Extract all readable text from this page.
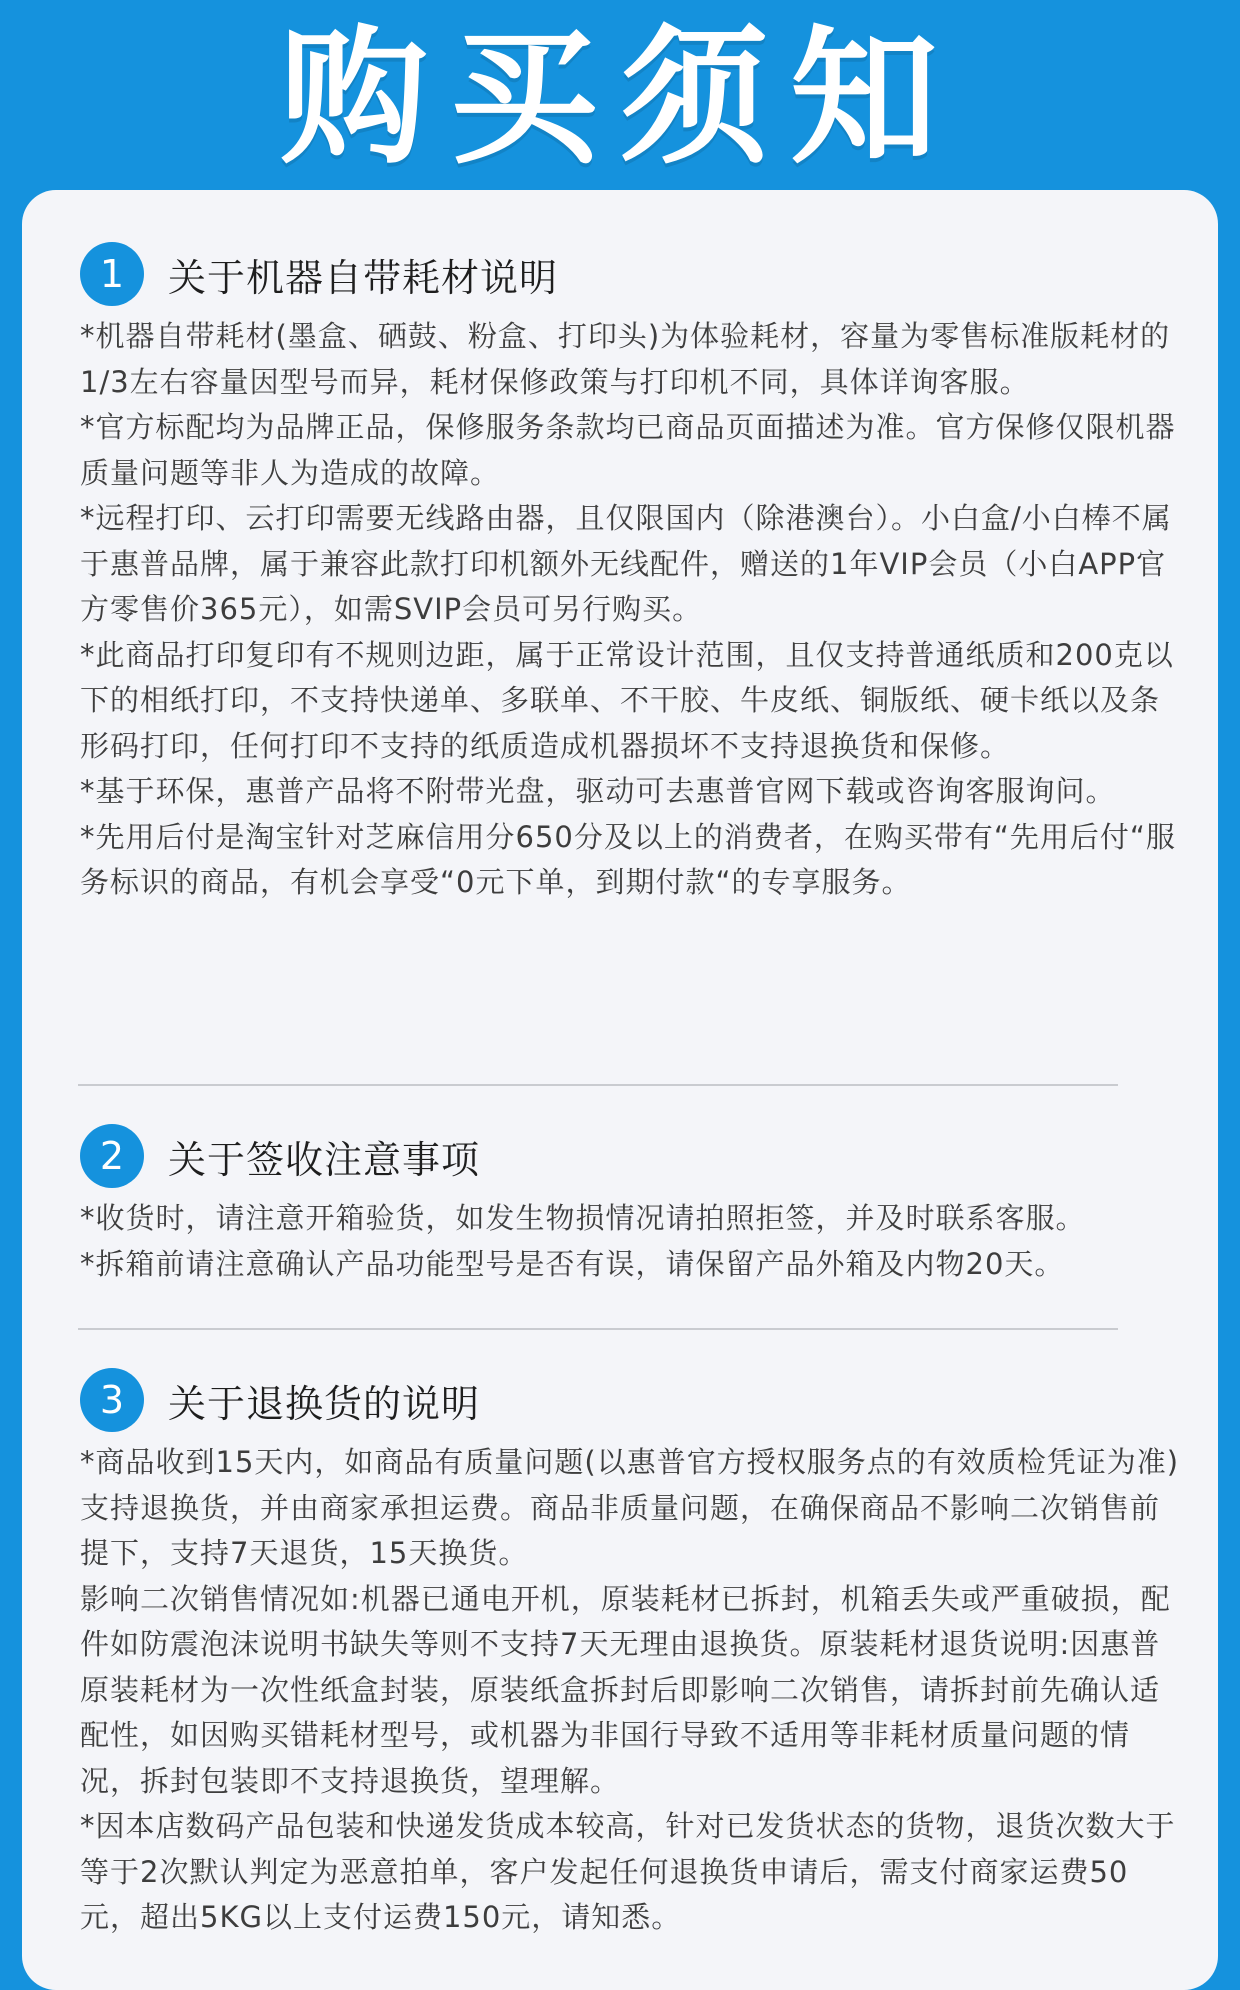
购买须知
1	关于机器自带耗材说明

*机器自带耗材(墨盒、硒鼓、粉盒、打印头)为体验耗材，容量为零售标准版耗材的1/3左右容量因型号而异，耗材保修政策与打印机不同，具体详询客服。

*官方标配均为品牌正品，保修服务条款均已商品页面描述为准。官方保修仅限机器质量问题等非人为造成的故障。

*远程打印、云打印需要无线路由器，且仅限国内（除港澳台）。小白盒/小白棒不属于惠普品牌，属于兼容此款打印机额外无线配件，赠送的1年VIP会员（小白APP官方零售价365元），如需SVIP会员可另行购买。

*此商品打印复印有不规则边距，属于正常设计范围，且仅支持普通纸质和200克以下的相纸打印，不支持快递单、多联单、不干胶、牛皮纸、铜版纸、硬卡纸以及条形码打印，任何打印不支持的纸质造成机器损坏不支持退换货和保修。

*基于环保，惠普产品将不附带光盘，驱动可去惠普官网下载或咨询客服询问。

*先用后付是淘宝针对芝麻信用分650分及以上的消费者，在购买带有“先用后付“服务标识的商品，有机会享受“0元下单，到期付款“的专享服务。

2	关于签收注意事项

*收货时，请注意开箱验货，如发生物损情况请拍照拒签，并及时联系客服。

*拆箱前请注意确认产品功能型号是否有误，请保留产品外箱及内物20天。

3	关于退换货的说明

*商品收到15天内，如商品有质量问题(以惠普官方授权服务点的有效质检凭证为准)支持退换货，并由商家承担运费。商品非质量问题，在确保商品不影响二次销售前提下，支持7天退货，15天换货。

影响二次销售情况如:机器已通电开机，原装耗材已拆封，机箱丢失或严重破损，配件如防震泡沫说明书缺失等则不支持7天无理由退换货。原装耗材退货说明:因惠普原装耗材为一次性纸盒封装，原装纸盒拆封后即影响二次销售，请拆封前先确认适配性，如因购买错耗材型号，或机器为非国行导致不适用等非耗材质量问题的情况，拆封包装即不支持退换货，望理解。

*因本店数码产品包装和快递发货成本较高，针对已发货状态的货物，退货次数大于等于2次默认判定为恶意拍单，客户发起任何退换货申请后，需支付商家运费50元，超出5KG以上支付运费150元，请知悉。
